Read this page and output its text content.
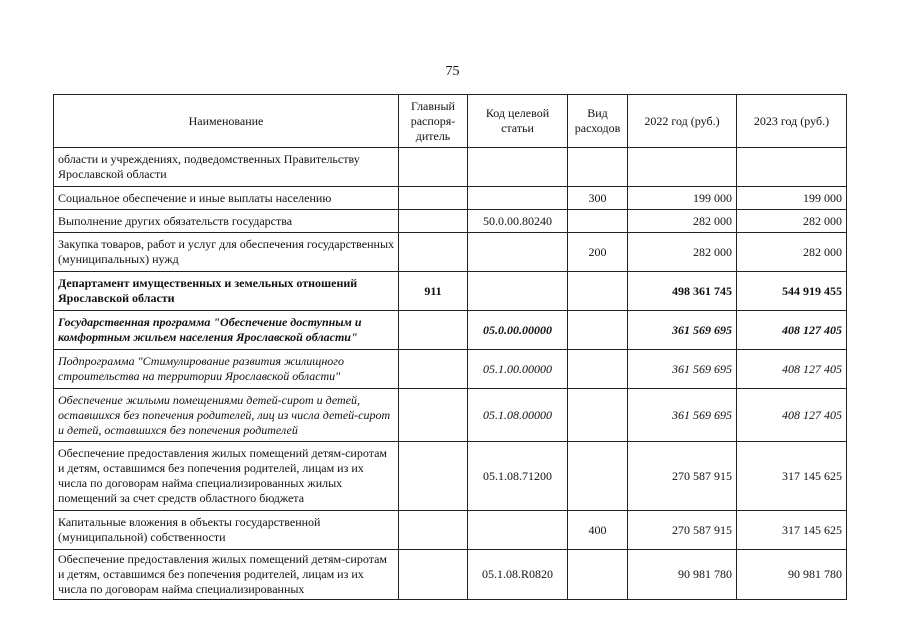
75
Наименование	Главный распоря-дитель	Код целевой статьи	Вид расходов	2022 год (руб.)	2023 год (руб.)
области и учреждениях, подведомственных Правительству Ярославской области					
Социальное обеспечение и иные выплаты населению			300	199 000	199 000
Выполнение других обязательств государства		50.0.00.80240		282 000	282 000
Закупка товаров, работ и услуг для обеспечения государственных (муниципальных) нужд			200	282 000	282 000
Департамент имущественных и земельных отношений Ярославской области	911			498 361 745	544 919 455
Государственная программа "Обеспечение доступным и комфортным жильем населения Ярославской области"		05.0.00.00000		361 569 695	408 127 405
Подпрограмма "Стимулирование развития жилищного строительства на территории Ярославской области"		05.1.00.00000		361 569 695	408 127 405
Обеспечение жилыми помещениями детей-сирот и детей, оставшихся без попечения родителей, лиц из числа детей-сирот и детей, оставшихся без попечения родителей		05.1.08.00000		361 569 695	408 127 405
Обеспечение предоставления жилых помещений детям-сиротам и детям, оставшимся без попечения родителей, лицам из их числа по договорам найма специализированных жилых помещений за счет средств областного бюджета		05.1.08.71200		270 587 915	317 145 625
Капитальные вложения в объекты государственной (муниципальной) собственности			400	270 587 915	317 145 625
Обеспечение предоставления жилых помещений детям-сиротам и детям, оставшимся без попечения родителей, лицам из их числа по договорам найма специализированных		05.1.08.R0820		90 981 780	90 981 780
